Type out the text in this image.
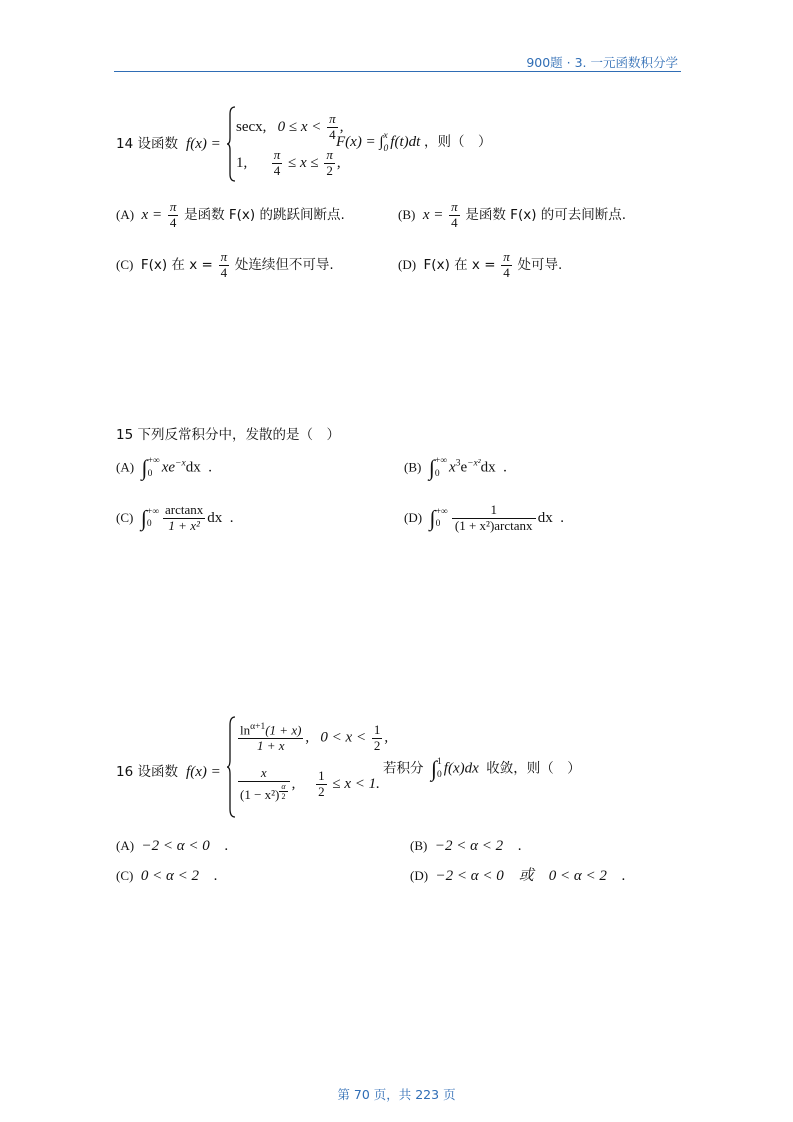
900题 · 3. 一元函数积分学
14 设函数  f(x) =
secx, $0 \le x < \frac{\pi}{4}$ ,
1, $\frac{\pi}{4} \le x \le \frac{\pi}{2}$ ,
F(x) = ∫x
0 f(t)dt ，则（　）
(A) $x = \frac{\pi}{4}$ 是函数 F(x) 的跳跃间断点.	(B) $x = \frac{\pi}{4}$ 是函数 F(x) 的可去间断点.
(C) F(x) 在 $x = \frac{\pi}{4}$ 处连续但不可导.	(D) F(x) 在 $x = \frac{\pi}{4}$ 处可导.
15 下列反常积分中，发散的是（　）
(A) ∫+∞
0 $xe^{-x}dx$ .	(B) ∫+∞
0 $x^3e^{-x^2}dx$ .
(C) ∫+∞
$0 \frac{\arctan x}{\text{1 + x²}}$ dx .	(D) ∫+∞
$0 \frac{1}{\text{(1 + x²)arctanx}}$ dx .
16 设函数  f(x) =
$\frac{\ln^{\alpha+1}(1 + x)}{1 + x}$ ,   $0 < x < \frac{1}{2}$ ,
x
(1 − x²) $^{\frac{\alpha}{2}}$ , $\frac{1}{2} \le x < 1$.
若积分 ∫1
0 f(x)dx 收敛，则（　）
(A) −2 < α < 0　.	(B) −2 < α < 2　.
(C) 0 < α < 2　.	(D) −2 < α < 0　或　0 < α < 2　.
第 70 页，共 223 页
